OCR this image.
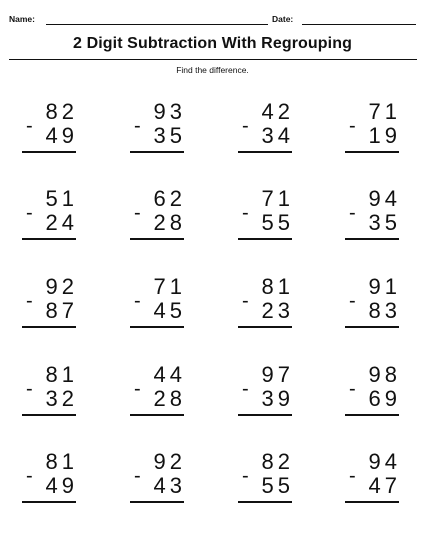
Name:	Date:
2 Digit Subtraction With Regrouping
Find the difference.
82
- 49
93
- 35
42
- 34
71
- 19
51
- 24
62
- 28
71
- 55
94
- 35
92
- 87
71
- 45
81
- 23
91
- 83
81
- 32
44
- 28
97
- 39
98
- 69
81
- 49
92
- 43
82
- 55
94
- 47
